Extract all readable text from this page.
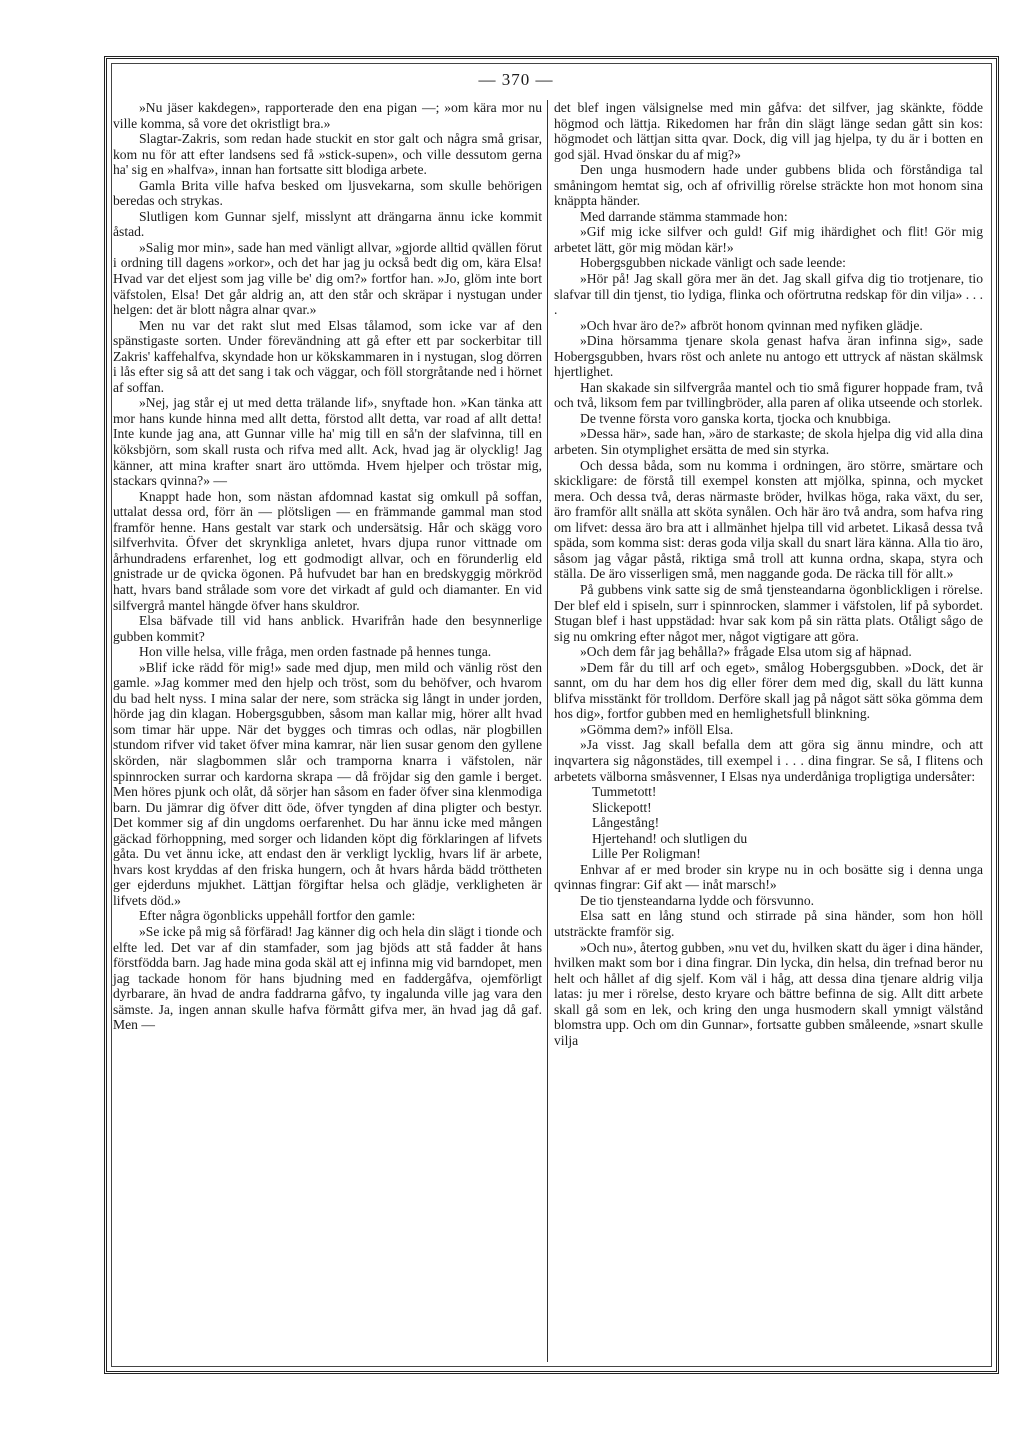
— 370 —

»Nu jäser kakdegen», rapporterade den ena pigan —; »om kära mor nu ville komma, så vore det okristligt bra.»

Slagtar-Zakris, som redan hade stuckit en stor galt och några små grisar, kom nu för att efter landsens sed få »stick-supen», och ville dessutom gerna ha' sig en »halfva», innan han fortsatte sitt blodiga arbete.

Gamla Brita ville hafva besked om ljusvekarna, som skulle behörigen beredas och strykas.

Slutligen kom Gunnar sjelf, misslynt att drängarna ännu icke kommit åstad.

»Salig mor min», sade han med vänligt allvar, »gjorde alltid qvällen förut i ordning till dagens »orkor», och det har jag ju också bedt dig om, kära Elsa! Hvad var det eljest som jag ville be' dig om?» fortfor han. »Jo, glöm inte bort väfstolen, Elsa! Det går aldrig an, att den står och skräpar i nystugan under helgen: det är blott några alnar qvar.»

Men nu var det rakt slut med Elsas tålamod, som icke var af den spänstigaste sorten. Under förevändning att gå efter ett par sockerbitar till Zakris' kaffehalfva, skyndade hon ur kökskammaren in i nystugan, slog dörren i lås efter sig så att det sang i tak och väggar, och föll storgråtande ned i hörnet af soffan.

»Nej, jag står ej ut med detta trälande lif», snyftade hon. »Kan tänka att mor hans kunde hinna med allt detta, förstod allt detta, var road af allt detta! Inte kunde jag ana, att Gunnar ville ha' mig till en så'n der slafvinna, till en köksbjörn, som skall rusta och rifva med allt. Ack, hvad jag är olycklig! Jag känner, att mina krafter snart äro uttömda. Hvem hjelper och tröstar mig, stackars qvinna?» —

Knappt hade hon, som nästan afdomnad kastat sig omkull på soffan, uttalat dessa ord, förr än — plötsligen — en främmande gammal man stod framför henne. Hans gestalt var stark och undersätsig. Hår och skägg voro silfverhvita. Öfver det skrynkliga anletet, hvars djupa runor vittnade om århundradens erfarenhet, log ett godmodigt allvar, och en förunderlig eld gnistrade ur de qvicka ögonen. På hufvudet bar han en bredskyggig mörkröd hatt, hvars band strålade som vore det virkadt af guld och diamanter. En vid silfvergrå mantel hängde öfver hans skuldror.

Elsa bäfvade till vid hans anblick. Hvarifrån hade den besynnerlige gubben kommit?

Hon ville helsa, ville fråga, men orden fastnade på hennes tunga.

»Blif icke rädd för mig!» sade med djup, men mild och vänlig röst den gamle. »Jag kommer med den hjelp och tröst, som du behöfver, och hvarom du bad helt nyss. I mina salar der nere, som sträcka sig långt in under jorden, hörde jag din klagan. Hobergsgubben, såsom man kallar mig, hörer allt hvad som timar här uppe. När det bygges och timras och odlas, när plogbillen stundom rifver vid taket öfver mina kamrar, när lien susar genom den gyllene skörden, när slagbommen slår och tramporna knarra i väfstolen, när spinnrocken surrar och kardorna skrapa — då fröjdar sig den gamle i berget. Men höres pjunk och olåt, då sörjer han såsom en fader öfver sina klenmodiga barn. Du jämrar dig öfver ditt öde, öfver tyngden af dina pligter och bestyr. Det kommer sig af din ungdoms oerfarenhet. Du har ännu icke med mången gäckad förhoppning, med sorger och lidanden köpt dig förklaringen af lifvets gåta. Du vet ännu icke, att endast den är verkligt lycklig, hvars lif är arbete, hvars kost kryddas af den friska hungern, och åt hvars hårda bädd tröttheten ger ejderduns mjukhet. Lättjan förgiftar helsa och glädje, verkligheten är lifvets död.»

Efter några ögonblicks uppehåll fortfor den gamle:

»Se icke på mig så förfärad! Jag känner dig och hela din slägt i tionde och elfte led. Det var af din stamfader, som jag bjöds att stå fadder åt hans förstfödda barn. Jag hade mina goda skäl att ej infinna mig vid barndopet, men jag tackade honom för hans bjudning med en faddergåfva, ojemförligt dyrbarare, än hvad de andra faddrarna gåfvo, ty ingalunda ville jag vara den sämste. Ja, ingen annan skulle hafva förmått gifva mer, än hvad jag då gaf. Men —

det blef ingen välsignelse med min gåfva: det silfver, jag skänkte, födde högmod och lättja. Rikedomen har från din slägt länge sedan gått sin kos: högmodet och lättjan sitta qvar. Dock, dig vill jag hjelpa, ty du är i botten en god själ. Hvad önskar du af mig?»

Den unga husmodern hade under gubbens blida och förståndiga tal småningom hemtat sig, och af ofrivillig rörelse sträckte hon mot honom sina knäppta händer.

Med darrande stämma stammade hon:

»Gif mig icke silfver och guld! Gif mig ihärdighet och flit! Gör mig arbetet lätt, gör mig mödan kär!»

Hobergsgubben nickade vänligt och sade leende:

»Hör på! Jag skall göra mer än det. Jag skall gifva dig tio trotjenare, tio slafvar till din tjenst, tio lydiga, flinka och oförtrutna redskap för din vilja» . . . .

»Och hvar äro de?» afbröt honom qvinnan med nyfiken glädje.

»Dina hörsamma tjenare skola genast hafva äran infinna sig», sade Hobergsgubben, hvars röst och anlete nu antogo ett uttryck af nästan skälmsk hjertlighet.

Han skakade sin silfvergråa mantel och tio små figurer hoppade fram, två och två, liksom fem par tvillingbröder, alla paren af olika utseende och storlek.

De tvenne första voro ganska korta, tjocka och knubbiga.

»Dessa här», sade han, »äro de starkaste; de skola hjelpa dig vid alla dina arbeten. Sin otymplighet ersätta de med sin styrka.

Och dessa båda, som nu komma i ordningen, äro större, smärtare och skickligare: de förstå till exempel konsten att mjölka, spinna, och mycket mera. Och dessa två, deras närmaste bröder, hvilkas höga, raka växt, du ser, äro framför allt snälla att sköta synålen. Och här äro två andra, som hafva ring om lifvet: dessa äro bra att i allmänhet hjelpa till vid arbetet. Likaså dessa två späda, som komma sist: deras goda vilja skall du snart lära känna. Alla tio äro, såsom jag vågar påstå, riktiga små troll att kunna ordna, skapa, styra och ställa. De äro visserligen små, men naggande goda. De räcka till för allt.»

På gubbens vink satte sig de små tjensteandarna ögonblickligen i rörelse. Der blef eld i spiseln, surr i spinnrocken, slammer i väfstolen, lif på sybordet. Stugan blef i hast uppstädad: hvar sak kom på sin rätta plats. Otåligt sågo de sig nu omkring efter något mer, något vigtigare att göra.

»Och dem får jag behålla?» frågade Elsa utom sig af häpnad.

»Dem får du till arf och eget», smålog Hobergsgubben. »Dock, det är sannt, om du har dem hos dig eller förer dem med dig, skall du lätt kunna blifva misstänkt för trolldom. Derföre skall jag på något sätt söka gömma dem hos dig», fortfor gubben med en hemlighetsfull blinkning.

»Gömma dem?» inföll Elsa.

»Ja visst. Jag skall befalla dem att göra sig ännu mindre, och att inqvartera sig någonstädes, till exempel i . . . dina fingrar. Se så, I flitens och arbetets välborna småsvenner, I Elsas nya underdåniga tropligtiga undersåter:

Tummetott!

Slickepott!

Långestång!

Hjertehand! och slutligen du

Lille Per Roligman!

Enhvar af er med broder sin krype nu in och bosätte sig i denna unga qvinnas fingrar: Gif akt — inåt marsch!»

De tio tjensteandarna lydde och försvunno.

Elsa satt en lång stund och stirrade på sina händer, som hon höll utsträckte framför sig.

»Och nu», återtog gubben, »nu vet du, hvilken skatt du äger i dina händer, hvilken makt som bor i dina fingrar. Din lycka, din helsa, din trefnad beror nu helt och hållet af dig sjelf. Kom väl i håg, att dessa dina tjenare aldrig vilja latas: ju mer i rörelse, desto kryare och bättre befinna de sig. Allt ditt arbete skall gå som en lek, och kring den unga husmodern skall ymnigt välstånd blomstra upp. Och om din Gunnar», fortsatte gubben småleende, »snart skulle vilja
